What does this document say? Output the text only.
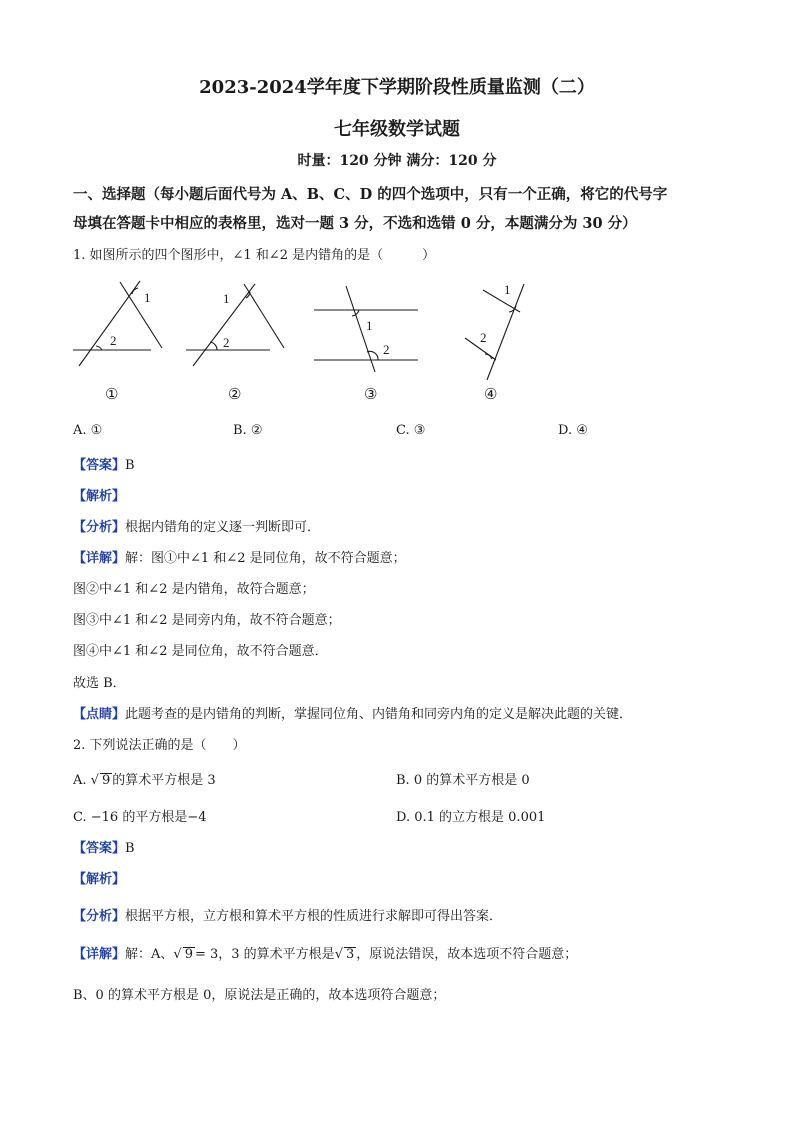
2023-2024学年度下学期阶段性质量监测（二）
七年级数学试题
时量：120 分钟 满分：120 分
一、选择题（每小题后面代号为 A、B、C、D 的四个选项中，只有一个正确，将它的代号字
母填在答题卡中相应的表格里，选对一题 3 分，不选和选错 0 分，本题满分为 30 分）
1. 如图所示的四个图形中，∠1 和∠2 是内错角的是（　　　）
1
2
1
2
1
2
1
2
①	②	③	④
A. ①	B. ②	C. ③	D. ④
【答案】B
【解析】
【分析】根据内错角的定义逐一判断即可．
【详解】解：图①中∠1 和∠2 是同位角，故不符合题意；
图②中∠1 和∠2 是内错角，故符合题意；
图③中∠1 和∠2 是同旁内角，故不符合题意；
图④中∠1 和∠2 是同位角，故不符合题意．
故选 B．
【点睛】此题考查的是内错角的判断，掌握同位角、内错角和同旁内角的定义是解决此题的关键．
2. 下列说法正确的是（　　）
A. √ 9 的算术平方根是 3	B. 0 的算术平方根是 0
C. −16 的平方根是−4	D. 0.1 的立方根是 0.001
【答案】B
【解析】
【分析】根据平方根，立方根和算术平方根的性质进行求解即可得出答案．
【详解】解：A、√ 9 = 3，3 的算术平方根是√ 3 ，原说法错误，故本选项不符合题意；
B、0 的算术平方根是 0，原说法是正确的，故本选项符合题意；
